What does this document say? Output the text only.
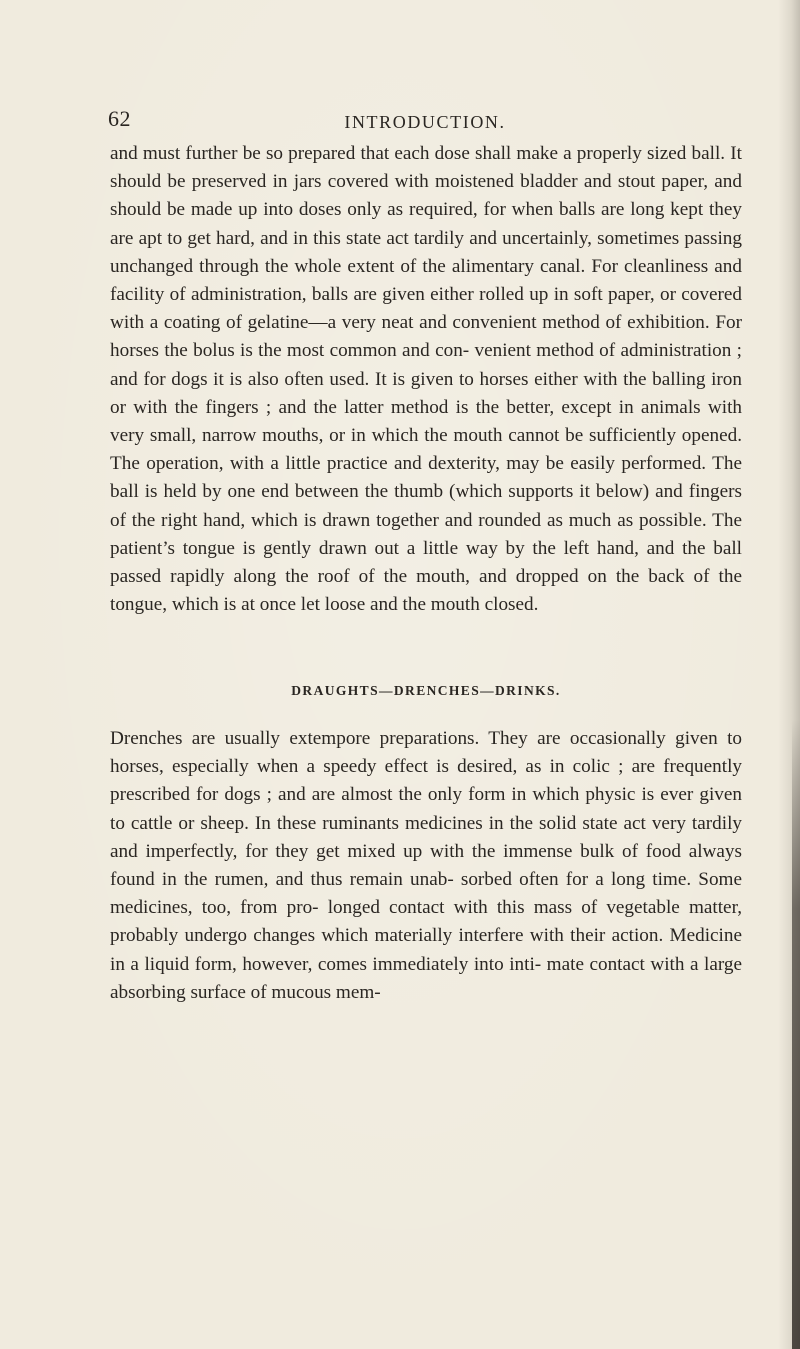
62	INTRODUCTION.

and must further be so prepared that each dose shall make a properly sized ball. It should be preserved in jars covered with moistened bladder and stout paper, and should be made up into doses only as required, for when balls are long kept they are apt to get hard, and in this state act tardily and uncertainly, sometimes passing unchanged through the whole extent of the alimentary canal. For cleanliness and facility of administration, balls are given either rolled up in soft paper, or covered with a coating of gelatine—a very neat and convenient method of exhibition. For horses the bolus is the most common and con- venient method of administration ; and for dogs it is also often used. It is given to horses either with the balling iron or with the fingers ; and the latter method is the better, except in animals with very small, narrow mouths, or in which the mouth cannot be sufficiently opened. The operation, with a little practice and dexterity, may be easily performed. The ball is held by one end between the thumb (which supports it below) and fingers of the right hand, which is drawn together and rounded as much as possible. The patient’s tongue is gently drawn out a little way by the left hand, and the ball passed rapidly along the roof of the mouth, and dropped on the back of the tongue, which is at once let loose and the mouth closed.

DRAUGHTS—DRENCHES—DRINKS.

Drenches are usually extempore preparations. They are occasionally given to horses, especially when a speedy effect is desired, as in colic ; are frequently prescribed for dogs ; and are almost the only form in which physic is ever given to cattle or sheep. In these ruminants medicines in the solid state act very tardily and imperfectly, for they get mixed up with the immense bulk of food always found in the rumen, and thus remain unab- sorbed often for a long time. Some medicines, too, from pro- longed contact with this mass of vegetable matter, probably undergo changes which materially interfere with their action. Medicine in a liquid form, however, comes immediately into inti- mate contact with a large absorbing surface of mucous mem-
